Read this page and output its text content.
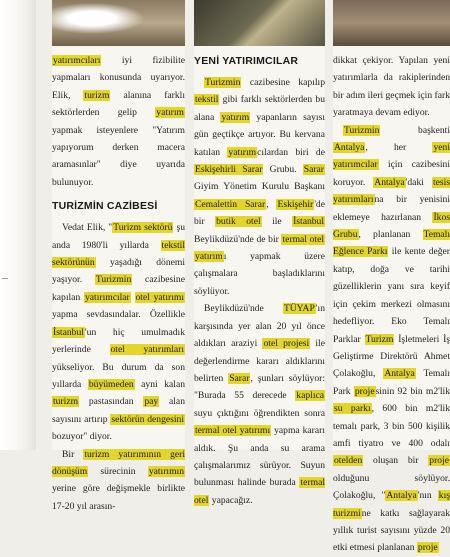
yatırımcıları iyi fizibilite yapmaları konusunda uyarıyor. Elik, turizm alanına farklı sektörlerden gelip yatırım yapmak isteyenlere "Yatırım yapıyorum derken macera aramasınlar" diye uyarıda bulunuyor.

TURİZMİN CAZİBESİ

Vedat Elik, "Turizm sektörü şu anda 1980'li yıllarda tekstil sektörünün yaşadığı dönemi yaşıyor. Turizmin cazibesine kapılan yatırımcılar otel yatırımı yapma sevdasındalar. Özellikle İstanbul'un hiç umulmadık yerlerinde otel yatırımları yükseliyor. Bu durum da son yıllarda büyümeden ayni kalan turizm pastasından pay alan sayısını artırıp sektörün dengesini bozuyor" diyor.

Bir turizm yatırımının geri dönüşüm sürecinin yatırımın yerine göre değişmekle birlikte 17-20 yıl arasın-

YENİ YATIRIMCILAR

Turizmin cazibesine kapılıp tekstil gibi farklı sektörlerden bu alana yatırım yapanların sayısı gün geçtikçe artıyor. Bu kervana katılan yatırımcılardan biri de Eskişehirli Sarar Grubu. Sarar Giyim Yönetim Kurulu Başkanı Cemalettin Sarar, Eskişehir'de bir butik otel ile İstanbul Beylikdüzü'nde de bir termal otel yatırımı yapmak üzere çalışmalara başladıklarını söylüyor.

Beylikdüzü'nde TÜYAP'ın karşısında yer alan 20 yıl önce aldıkları araziyi otel projesi ile değerlendirme kararı aldıklarını belirten Sarar, şunları söylüyor: "Burada 55 derecede kaplıca suyu çıktığını öğrendikten sonra termal otel yatırımı yapma kararı aldık. Şu anda su arama çalışmalarımız sürüyor. Suyun bulunması halinde burada termal otel yapacağız.

dikkat çekiyor. Yapılan yeni yatırımlarla da rakiplerinden bir adım ileri geçmek için fark yaratmaya devam ediyor.

Turizmin başkenti Antalya, her yeni yatırımcılar için cazibesini koruyor. Antalya'daki tesis yatırımlarına bir yenisini eklemeye hazırlanan İkos Grubu, planlanan Temalı Eğlence Parkı ile kente değer katıp, doğa ve tarihi güzelliklerin yanı sıra keyif için çekim merkezi olmasını hedefliyor. Eko Temalı Parklar Turizm İşletmeleri İş Geliştirme Direktörü Ahmet Çolakoğlu, Antalya Temalı Park projesinin 92 bin m2'lik su parkı, 600 bin m2'lik temalı park, 3 bin 500 kişilik amfi tiyatro ve 400 odalı otelden oluşan bir proje olduğunu söylüyor. Çolakoğlu, "Antalya'nın kış turizmine katkı sağlayarak yıllık turist sayısını yüzde 20 etki etmesi planlanan proje
